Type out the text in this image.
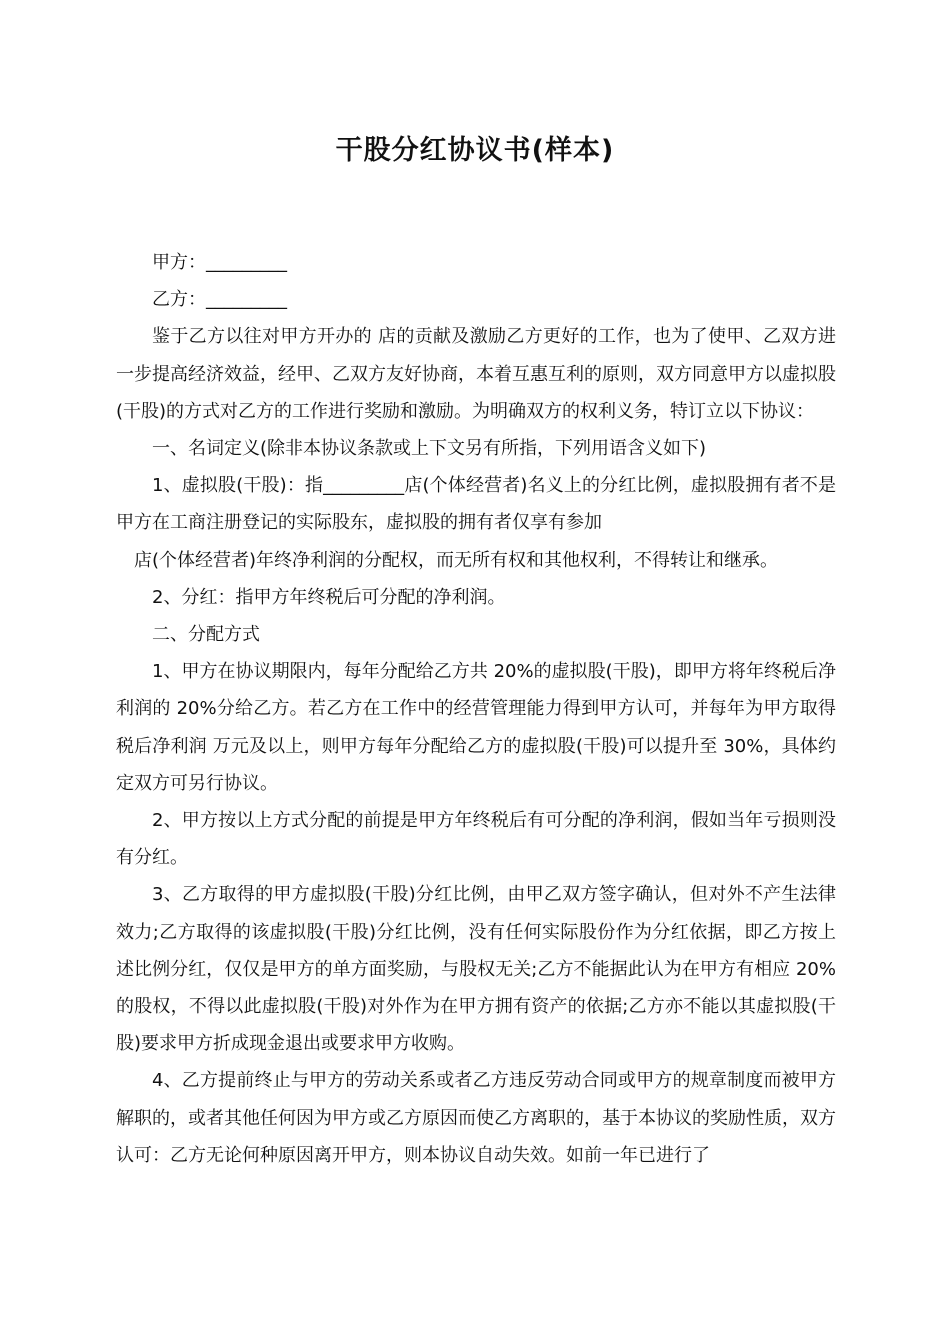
干股分红协议书(样本)

甲方：_________

乙方：_________

鉴于乙方以往对甲方开办的 店的贡献及激励乙方更好的工作，也为了使甲、乙双方进一步提高经济效益，经甲、乙双方友好协商，本着互惠互利的原则，双方同意甲方以虚拟股(干股)的方式对乙方的工作进行奖励和激励。为明确双方的权利义务，特订立以下协议：

一、名词定义(除非本协议条款或上下文另有所指，下列用语含义如下)

1、虚拟股(干股)：指_________店(个体经营者)名义上的分红比例，虚拟股拥有者不是甲方在工商注册登记的实际股东，虚拟股的拥有者仅享有参加

店(个体经营者)年终净利润的分配权，而无所有权和其他权利，不得转让和继承。

2、分红：指甲方年终税后可分配的净利润。

二、分配方式

1、甲方在协议期限内，每年分配给乙方共 20%的虚拟股(干股)，即甲方将年终税后净利润的 20%分给乙方。若乙方在工作中的经营管理能力得到甲方认可，并每年为甲方取得税后净利润 万元及以上，则甲方每年分配给乙方的虚拟股(干股)可以提升至 30%，具体约定双方可另行协议。

2、甲方按以上方式分配的前提是甲方年终税后有可分配的净利润，假如当年亏损则没有分红。

3、乙方取得的甲方虚拟股(干股)分红比例，由甲乙双方签字确认，但对外不产生法律效力;乙方取得的该虚拟股(干股)分红比例，没有任何实际股份作为分红依据，即乙方按上述比例分红，仅仅是甲方的单方面奖励，与股权无关;乙方不能据此认为在甲方有相应 20%的股权，不得以此虚拟股(干股)对外作为在甲方拥有资产的依据;乙方亦不能以其虚拟股(干股)要求甲方折成现金退出或要求甲方收购。

4、乙方提前终止与甲方的劳动关系或者乙方违反劳动合同或甲方的规章制度而被甲方解职的，或者其他任何因为甲方或乙方原因而使乙方离职的，基于本协议的奖励性质，双方认可：乙方无论何种原因离开甲方，则本协议自动失效。如前一年已进行了
